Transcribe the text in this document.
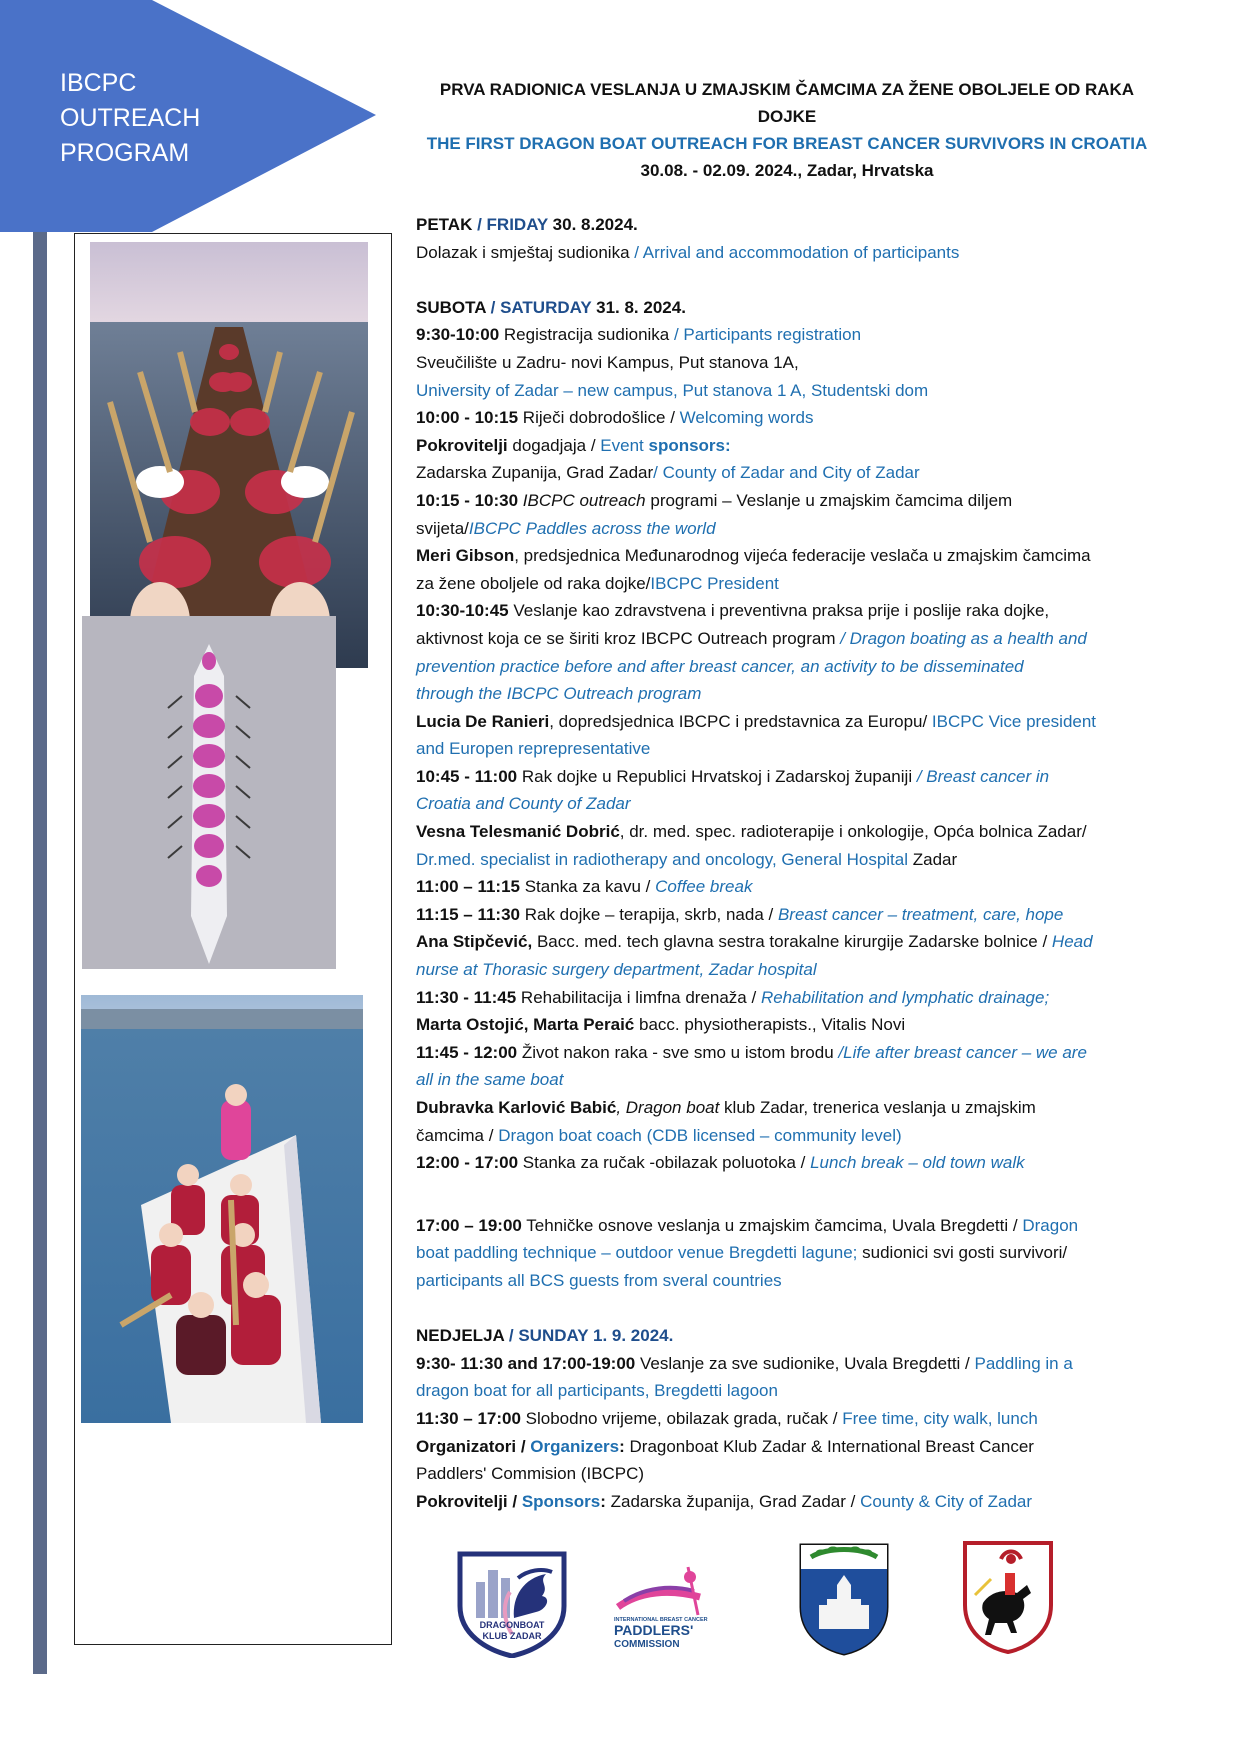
IBCPC
OUTREACH
PROGRAM
PRVA RADIONICA VESLANJA U ZMAJSKIM ČAMCIMA ZA ŽENE OBOLJELE OD RAKA
DOJKE
THE FIRST DRAGON BOAT OUTREACH FOR BREAST CANCER SURVIVORS IN CROATIA
30.08. - 02.09. 2024., Zadar, Hrvatska

PETAK / FRIDAY 30. 8.2024.

Dolazak i smještaj sudionika / Arrival and accommodation of participants

SUBOTA / SATURDAY 31. 8. 2024.

9:30-10:00 Registracija sudionika / Participants registration

Sveučilište u Zadru- novi Kampus, Put stanova 1A,

University of Zadar – new campus, Put stanova 1 A, Studentski dom

10:00 - 10:15 Riječi dobrodošlice / Welcoming words

Pokrovitelji dogadjaja / Event sponsors:

Zadarska Zupanija, Grad Zadar/ County of Zadar and City of Zadar

10:15 - 10:30 IBCPC outreach programi – Veslanje u zmajskim čamcima diljem

svijeta/IBCPC Paddles across the world

Meri Gibson, predsjednica Međunarodnog vijeća federacije veslača u zmajskim čamcima

za žene oboljele od raka dojke/IBCPC President

10:30-10:45 Veslanje kao zdravstvena i preventivna praksa prije i poslije raka dojke,

aktivnost koja ce se širiti kroz IBCPC Outreach program / Dragon boating as a health and

prevention practice before and after breast cancer, an activity to be disseminated

through the IBCPC Outreach program

Lucia De Ranieri, dopredsjednica IBCPC i predstavnica za Europu/ IBCPC Vice president

and Europen reprepresentative

10:45 - 11:00 Rak dojke u Republici Hrvatskoj i Zadarskoj županiji / Breast cancer in

Croatia and County of Zadar

Vesna Telesmanić Dobrić, dr. med. spec. radioterapije i onkologije, Opća bolnica Zadar/

Dr.med. specialist in radiotherapy and oncology, General Hospital Zadar

11:00 – 11:15 Stanka za kavu / Coffee break

11:15 – 11:30 Rak dojke – terapija, skrb, nada / Breast cancer – treatment, care, hope

Ana Stipčević, Bacc. med. tech glavna sestra torakalne kirurgije Zadarske bolnice / Head

nurse at Thorasic surgery department, Zadar hospital

11:30 - 11:45 Rehabilitacija i limfna drenaža / Rehabilitation and lymphatic drainage;

Marta Ostojić, Marta Peraić bacc. physiotherapists., Vitalis Novi

11:45 - 12:00 Život nakon raka - sve smo u istom brodu /Life after breast cancer – we are

all in the same boat

Dubravka Karlović Babić, Dragon boat klub Zadar, trenerica veslanja u zmajskim

čamcima / Dragon boat coach (CDB licensed – community level)

12:00 - 17:00 Stanka za ručak -obilazak poluotoka / Lunch break – old town walk

17:00 – 19:00 Tehničke osnove veslanja u zmajskim čamcima, Uvala Bregdetti / Dragon

boat paddling technique – outdoor venue Bregdetti lagune; sudionici svi gosti survivori/

participants all BCS guests from sveral countries

NEDJELJA / SUNDAY 1. 9. 2024.

9:30- 11:30 and 17:00-19:00 Veslanje za sve sudionike, Uvala Bregdetti / Paddling in a

dragon boat for all participants, Bregdetti lagoon

11:30 – 17:00 Slobodno vrijeme, obilazak grada, ručak / Free time, city walk, lunch

Organizatori / Organizers: Dragonboat Klub Zadar & International Breast Cancer

Paddlers' Commision (IBCPC)

Pokrovitelji / Sponsors: Zadarska županija, Grad Zadar / County & City of Zadar

DRAGONBOAT
KLUB ZADAR
INTERNATIONAL BREAST CANCER
PADDLERS'
COMMISSION
